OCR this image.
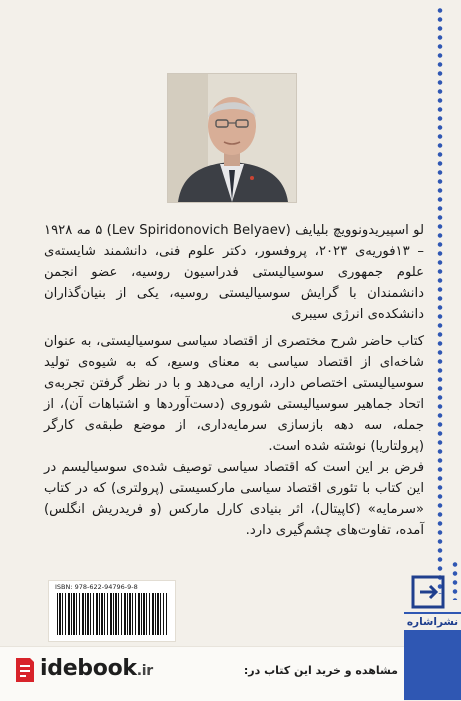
لو اسپیریدونوویچ بلیایف (Lev Spiridonovich Belyaev) ۵ مه ۱۹۲۸ – ۱۳فوریه‌ی ۲۰۲۳، پروفسور، دکتر علوم فنی، دانشمند شایسته‌ی علوم جمهوری سوسیالیستی فدراسیون روسیه، عضو انجمن دانشمندان با گرایش سوسیالیستی روسیه، یکی از بنیان‌گذاران دانشکده‌ی انرژی سیبری

کتاب حاضر شرح مختصری از اقتصاد سیاسی سوسیالیستی، به عنوان شاخه‌ای از اقتصاد سیاسی به معنای وسیع، که به شیوه‌ی تولید سوسیالیستی اختصاص دارد، ارایه می‌دهد و با در نظر گرفتن تجربه‌ی اتحاد جماهیر سوسیالیستی شوروی (دست‌آوردها و اشتباهات آن)، از جمله، سه دهه بازسازی سرمایه‌داری، از موضع طبقه‌ی کارگر (پرولتاریا) نوشته شده است.

فرض بر این است که اقتصاد سیاسی توصیف شده‌ی سوسیالیسم در این کتاب با تئوری اقتصاد سیاسی مارکسیستی (پرولتری) که در کتاب «سرمایه» (کاپیتال)، اثر بنیادی کارل مارکس (و فریدریش انگلس) آمده، تفاوت‌های چشم‌گیری دارد.

ISBN: 978-622-94796-9-8
نشراشاره
idebook.ir	مشاهده و خرید این کتاب در:
